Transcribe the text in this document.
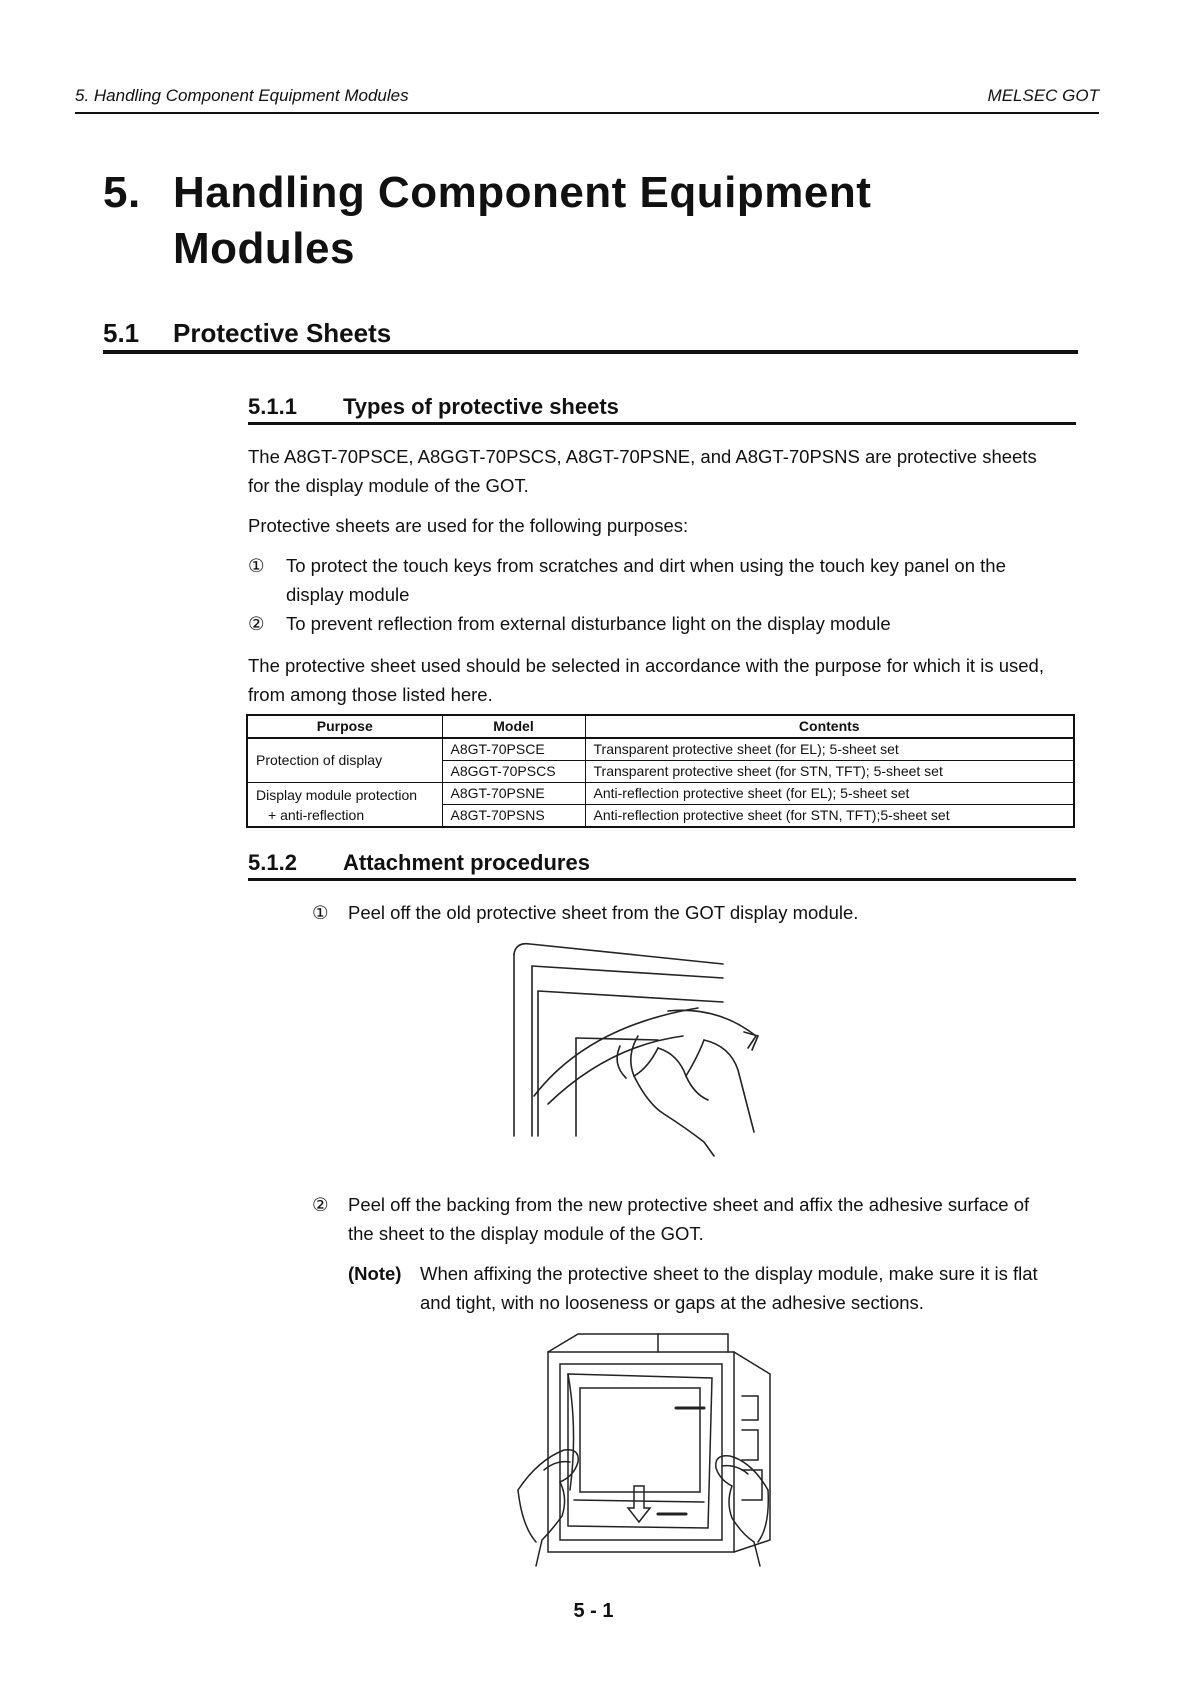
5. Handling Component Equipment Modules	MELSEC GOT
5. Handling Component Equipment
Modules
5.1 Protective Sheets
5.1.1 Types of protective sheets
The A8GT-70PSCE, A8GGT-70PSCS, A8GT-70PSNE, and A8GT-70PSNS are protective sheets
for the display module of the GOT.
Protective sheets are used for the following purposes:
①	To protect the touch keys from scratches and dirt when using the touch key panel on the
display module
②	To prevent reflection from external disturbance light on the display module
The protective sheet used should be selected in accordance with the purpose for which it is used,
from among those listed here.
Purpose	Model	Contents
Protection of display	A8GT-70PSCE	Transparent protective sheet (for EL); 5-sheet set
	A8GGT-70PSCS	Transparent protective sheet (for STN, TFT); 5-sheet set

Display module protection
+ anti-reflection	A8GT-70PSNE	Anti-reflection protective sheet (for EL); 5-sheet set
	A8GT-70PSNS	Anti-reflection protective sheet (for STN, TFT);5-sheet set
5.1.2 Attachment procedures
①	Peel off the old protective sheet from the GOT display module.
②	Peel off the backing from the new protective sheet and affix the adhesive surface of
the sheet to the display module of the GOT.
(Note) When affixing the protective sheet to the display module, make sure it is flat
and tight, with no looseness or gaps at the adhesive sections.
5 - 1
